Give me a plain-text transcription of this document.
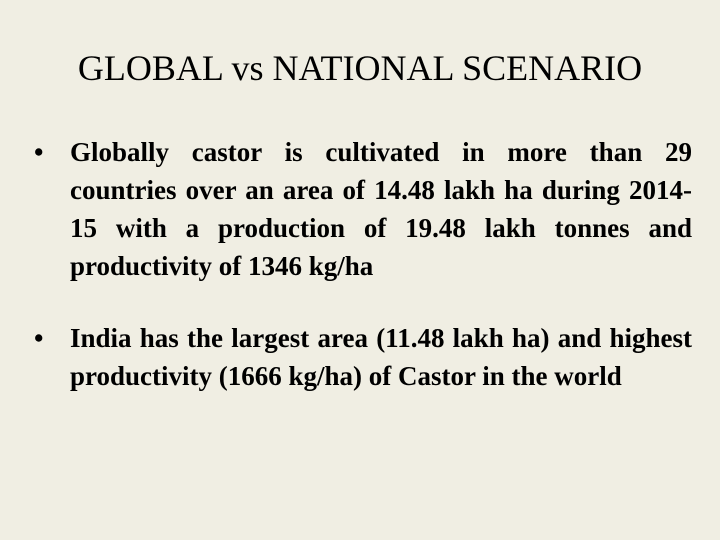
GLOBAL vs NATIONAL SCENARIO
• Globally castor is cultivated in more than 29 countries over an area of 14.48 lakh ha during 2014-15 with a production of 19.48 lakh tonnes and productivity of 1346 kg/ha
• India has the largest area (11.48 lakh ha) and highest productivity (1666 kg/ha) of Castor in the world
